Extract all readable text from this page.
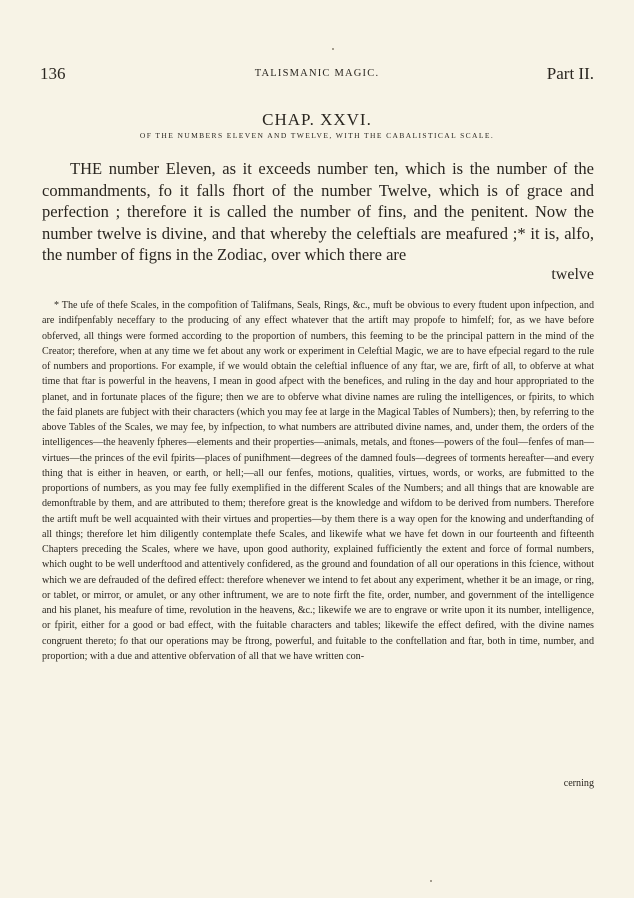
136	TALISMANIC MAGIC.	Part II.
CHAP. XXVI.
OF THE NUMBERS ELEVEN AND TWELVE, WITH THE CABALISTICAL SCALE.

THE number Eleven, as it exceeds number ten, which is the number of the commandments, fo it falls fhort of the number Twelve, which is of grace and perfection ; therefore it is called the number of fins, and the penitent. Now the number twelve is divine, and that whereby the celeftials are meafured ;* it is, alfo, the number of figns in the Zodiac, over which there are

twelve

* The ufe of thefe Scales, in the compofition of Talifmans, Seals, Rings, &c., muft be obvious to every ftudent upon infpection, and are indifpenfably neceffary to the producing of any effect whatever that the artift may propofe to himfelf; for, as we have before obferved, all things were formed according to the proportion of numbers, this feeming to be the principal pattern in the mind of the Creator; therefore, when at any time we fet about any work or experiment in Celeftial Magic, we are to have efpecial regard to the rule of numbers and proportions. For example, if we would obtain the celeftial influence of any ftar, we are, firft of all, to obferve at what time that ftar is powerful in the heavens, I mean in good afpect with the benefices, and ruling in the day and hour appropriated to the planet, and in fortunate places of the figure; then we are to obferve what divine names are ruling the intelligences, or fpirits, to which the faid planets are fubject with their characters (which you may fee at large in the Magical Tables of Numbers); then, by referring to the above Tables of the Scales, we may fee, by infpection, to what numbers are attributed divine names, and, under them, the orders of the intelligences—the heavenly fpheres—elements and their properties—animals, metals, and ftones—powers of the foul—fenfes of man—virtues—the princes of the evil fpirits—places of punifhment—degrees of the damned fouls—degrees of torments hereafter—and every thing that is either in heaven, or earth, or hell;—all our fenfes, motions, qualities, virtues, words, or works, are fubmitted to the proportions of numbers, as you may fee fully exemplified in the different Scales of the Numbers; and all things that are knowable are demonftrable by them, and are attributed to them; therefore great is the knowledge and wifdom to be derived from numbers. Therefore the artift muft be well acquainted with their virtues and properties—by them there is a way open for the knowing and underftanding of all things; therefore let him diligently contemplate thefe Scales, and likewife what we have fet down in our fourteenth and fifteenth Chapters preceding the Scales, where we have, upon good authority, explained fufficiently the extent and force of formal numbers, which ought to be well underftood and attentively confidered, as the ground and foundation of all our operations in this fcience, without which we are defrauded of the defired effect: therefore whenever we intend to fet about any experiment, whether it be an image, or ring, or tablet, or mirror, or amulet, or any other inftrument, we are to note firft the fite, order, number, and government of the intelligence and his planet, his meafure of time, revolution in the heavens, &c.; likewife we are to engrave or write upon it its number, intelligence, or fpirit, either for a good or bad effect, with the fuitable characters and tables; likewife the effect defired, with the divine names congruent thereto; fo that our operations may be ftrong, powerful, and fuitable to the conftellation and ftar, both in time, number, and proportion; with a due and attentive obfervation of all that we have written con-

cerning
